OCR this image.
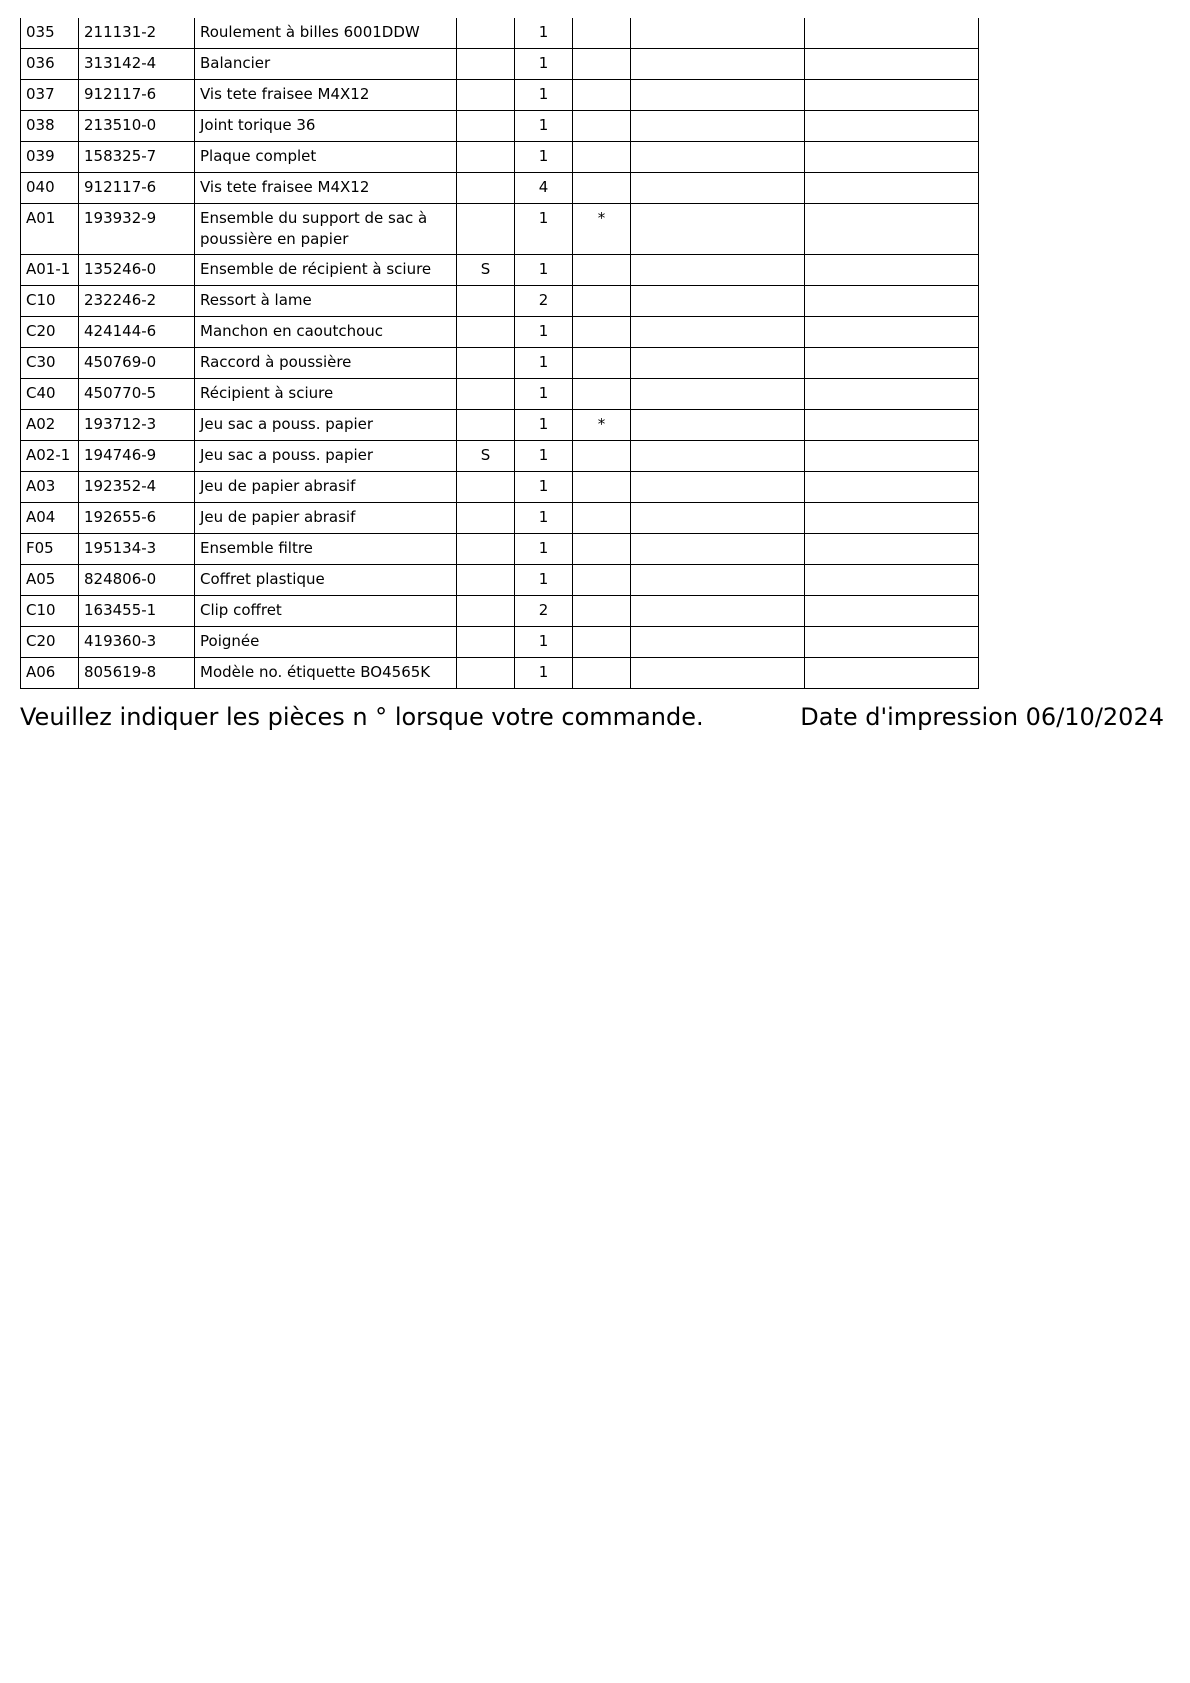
035	211131-2	Roulement à billes 6001DDW		1			
036	313142-4	Balancier		1			
037	912117-6	Vis tete fraisee M4X12		1			
038	213510-0	Joint torique 36		1			
039	158325-7	Plaque complet		1			
040	912117-6	Vis tete fraisee M4X12		4			
A01	193932-9	Ensemble du support de sac à poussière en papier		1	*		
A01-1	135246-0	Ensemble de récipient à sciure	S	1			
C10	232246-2	Ressort à lame		2			
C20	424144-6	Manchon en caoutchouc		1			
C30	450769-0	Raccord à poussière		1			
C40	450770-5	Récipient à sciure		1			
A02	193712-3	Jeu sac a pouss. papier		1	*		
A02-1	194746-9	Jeu sac a pouss. papier	S	1			
A03	192352-4	Jeu de papier abrasif		1			
A04	192655-6	Jeu de papier abrasif		1			
F05	195134-3	Ensemble filtre		1			
A05	824806-0	Coffret plastique		1			
C10	163455-1	Clip coffret		2			
C20	419360-3	Poignée		1			
A06	805619-8	Modèle no. étiquette BO4565K		1			
Veuillez indiquer les pièces n ° lorsque votre commande.	Date d'impression 06/10/2024
